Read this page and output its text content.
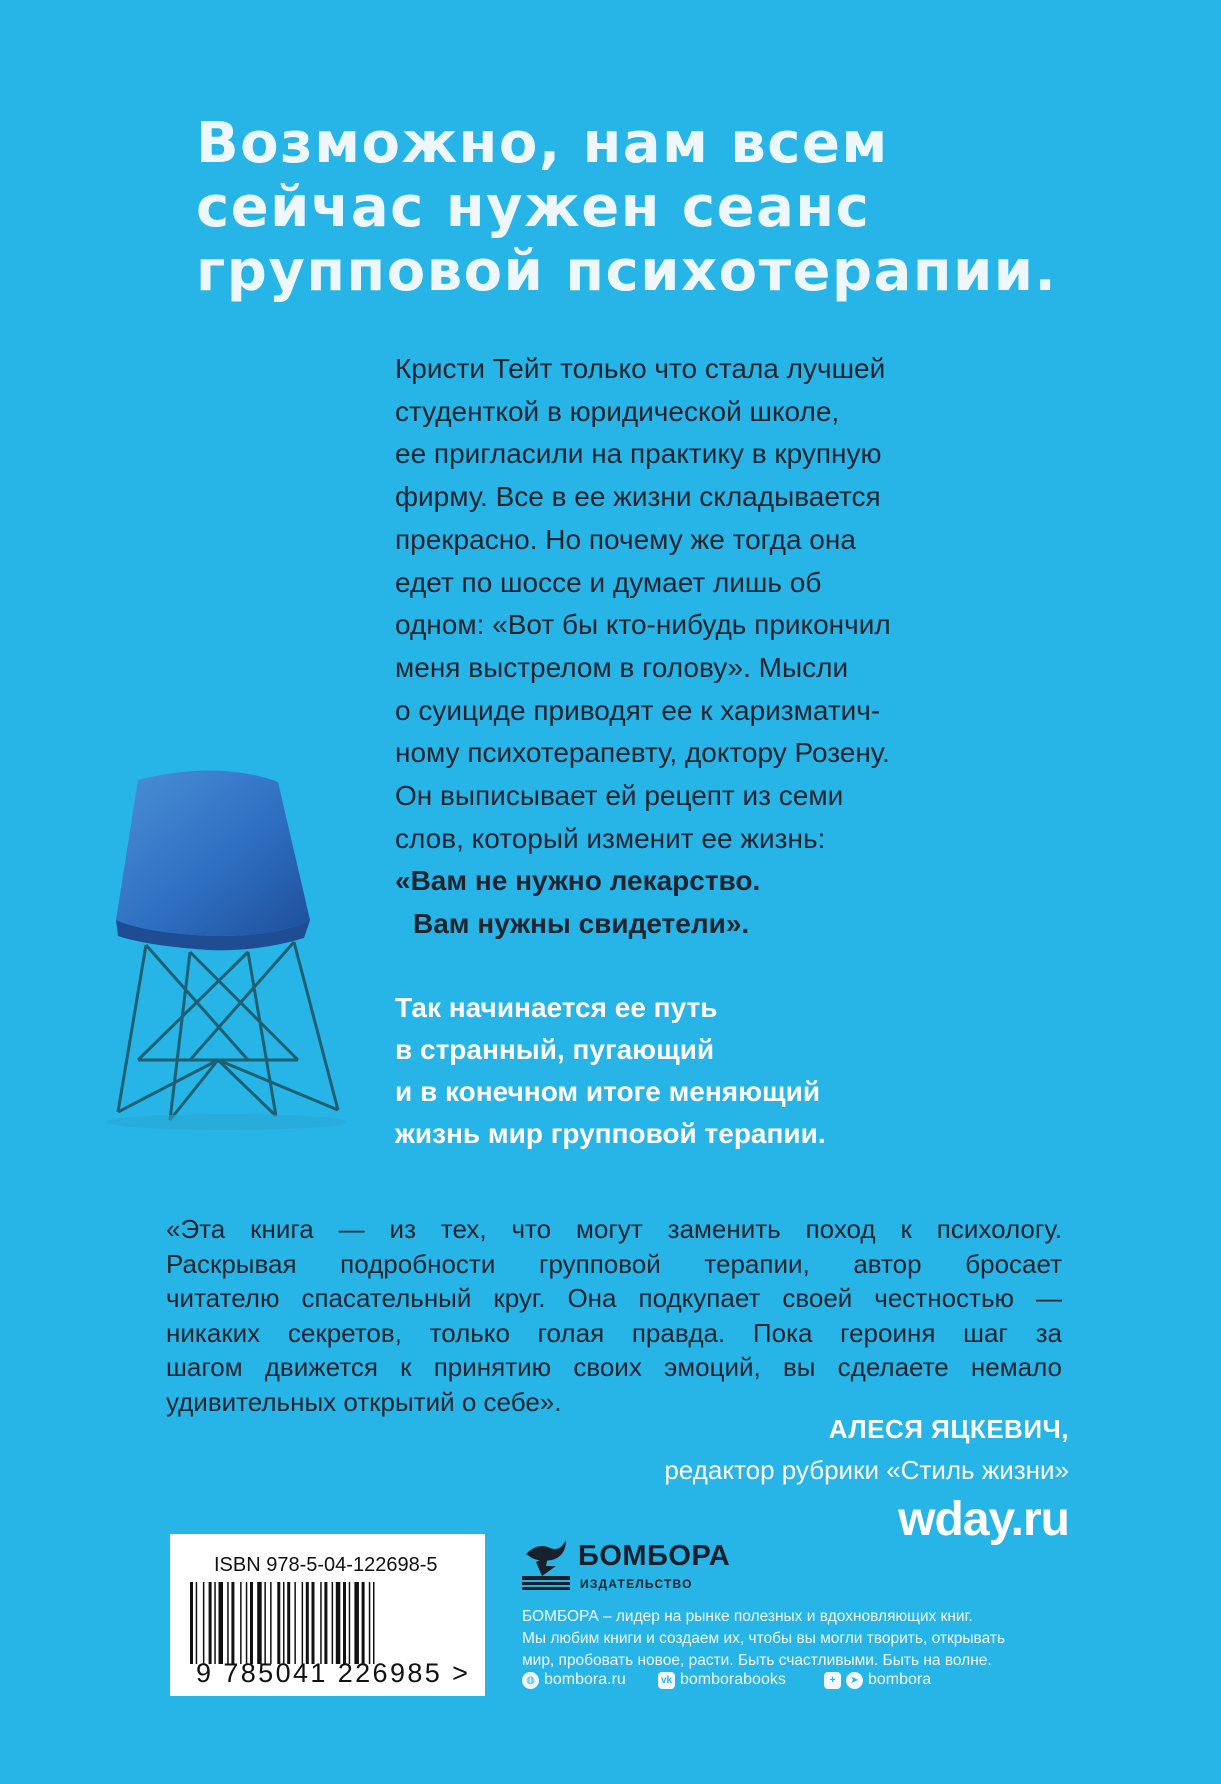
Возможно, нам всем
сейчас нужен сеанс
групповой психотерапии.
Кристи Тейт только что стала лучшей
студенткой в юридической школе,
ее пригласили на практику в крупную
фирму. Все в ее жизни складывается
прекрасно. Но почему же тогда она
едет по шоссе и думает лишь об
одном: «Вот бы кто-нибудь прикончил
меня выстрелом в голову». Мысли
о суициде приводят ее к харизматич-
ному психотерапевту, доктору Розену.
Он выписывает ей рецепт из семи
слов, который изменит ее жизнь:
«Вам не нужно лекарство.
Вам нужны свидетели».
Так начинается ее путь
в странный, пугающий
и в конечном итоге меняющий
жизнь мир групповой терапии.
«Эта книга — из тех, что могут заменить поход к психологу.
Раскрывая подробности групповой терапии, автор бросает
читателю спасательный круг. Она подкупает своей честностью —
никаких секретов, только голая правда. Пока героиня шаг за
шагом движется к принятию своих эмоций, вы сделаете немало
удивительных открытий о себе».
АЛЕСЯ ЯЦКЕВИЧ,
редактор рубрики «Стиль жизни»
wday.ru
ISBN 978-5-04-122698-5
9 785041 226985 >
БОМБОРА
ИЗДАТЕЛЬСТВО
БОМБОРА – лидер на рынке полезных и вдохновляющих книг.
Мы любим книги и создаем их, чтобы вы могли творить, открывать
мир, пробовать новое, расти. Быть счастливыми. Быть на волне.
◍ bombora.ru	vk bomborabooks	+	➤ bombora
